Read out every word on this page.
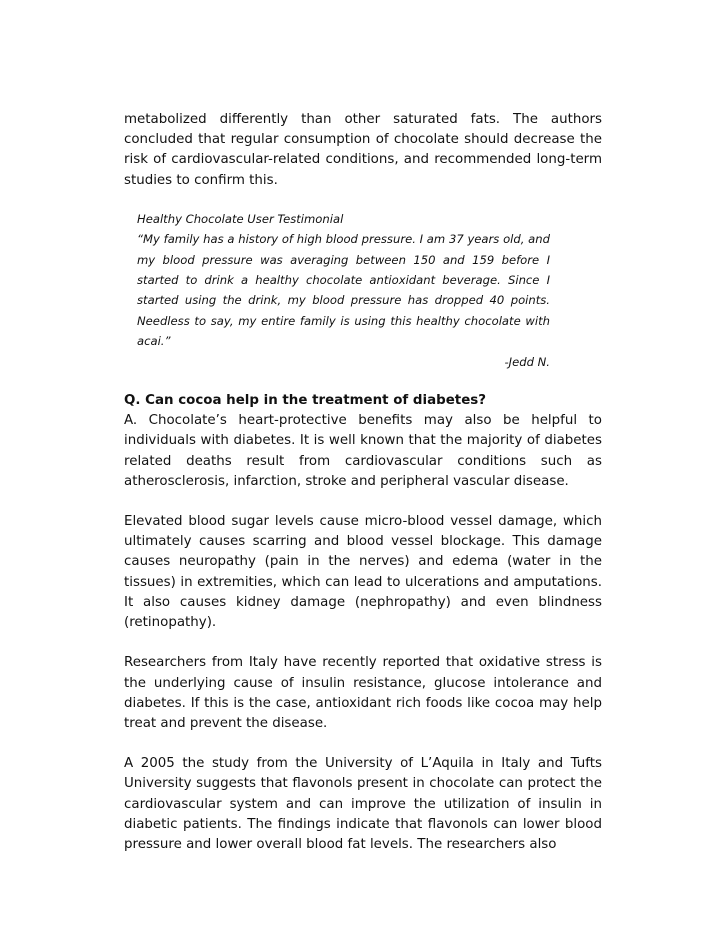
metabolized differently than other saturated fats. The authors concluded that regular consumption of chocolate should decrease the risk of cardiovascular-related conditions, and recommended long-term studies to confirm this.

Healthy Chocolate User Testimonial

“My family has a history of high blood pressure. I am 37 years old, and my blood pressure was averaging between 150 and 159 before I started to drink a healthy chocolate antioxidant beverage. Since I started using the drink, my blood pressure has dropped 40 points. Needless to say, my entire family is using this healthy chocolate with acai.”

-Jedd N.

Q. Can cocoa help in the treatment of diabetes?

A. Chocolate’s heart-protective benefits may also be helpful to individuals with diabetes. It is well known that the majority of diabetes related deaths result from cardiovascular conditions such as atherosclerosis, infarction, stroke and peripheral vascular disease.

Elevated blood sugar levels cause micro-blood vessel damage, which ultimately causes scarring and blood vessel blockage. This damage causes neuropathy (pain in the nerves) and edema (water in the tissues) in extremities, which can lead to ulcerations and amputations. It also causes kidney damage (nephropathy) and even blindness (retinopathy).

Researchers from Italy have recently reported that oxidative stress is the underlying cause of insulin resistance, glucose intolerance and diabetes. If this is the case, antioxidant rich foods like cocoa may help treat and prevent the disease.

A 2005 the study from the University of L’Aquila in Italy and Tufts University suggests that flavonols present in chocolate can protect the cardiovascular system and can improve the utilization of insulin in diabetic patients. The findings indicate that flavonols can lower blood pressure and lower overall blood fat levels. The researchers also
